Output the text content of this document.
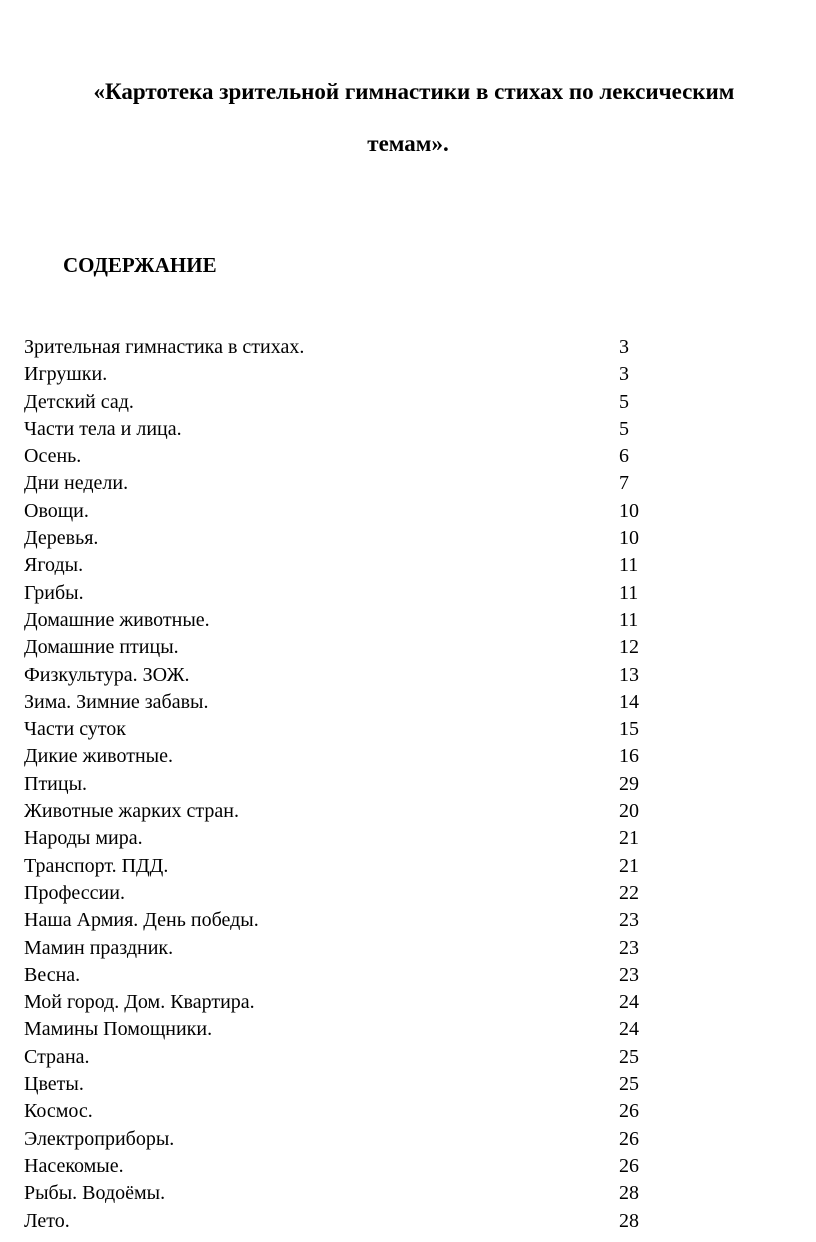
«Картотека зрительной гимнастики в стихах по лексическим
темам».
СОДЕРЖАНИЕ
Зрительная гимнастика в стихах.	3
Игрушки.	3
Детский сад.	5
Части тела и лица.	5
Осень.	6
Дни недели.	7
Овощи.	10
Деревья.	10
Ягоды.	11
Грибы.	11
Домашние животные.	11
Домашние птицы.	12
Физкультура. ЗОЖ.	13
Зима. Зимние забавы.	14
Части суток	15
Дикие животные.	16
Птицы.	29
Животные жарких стран.	20
Народы мира.	21
Транспорт. ПДД.	21
Профессии.	22
Наша Армия. День победы.	23
Мамин праздник.	23
Весна.	23
Мой город. Дом. Квартира.	24
Мамины Помощники.	24
Страна.	25
Цветы.	25
Космос.	26
Электроприборы.	26
Насекомые.	26
Рыбы. Водоёмы.	28
Лето.	28
